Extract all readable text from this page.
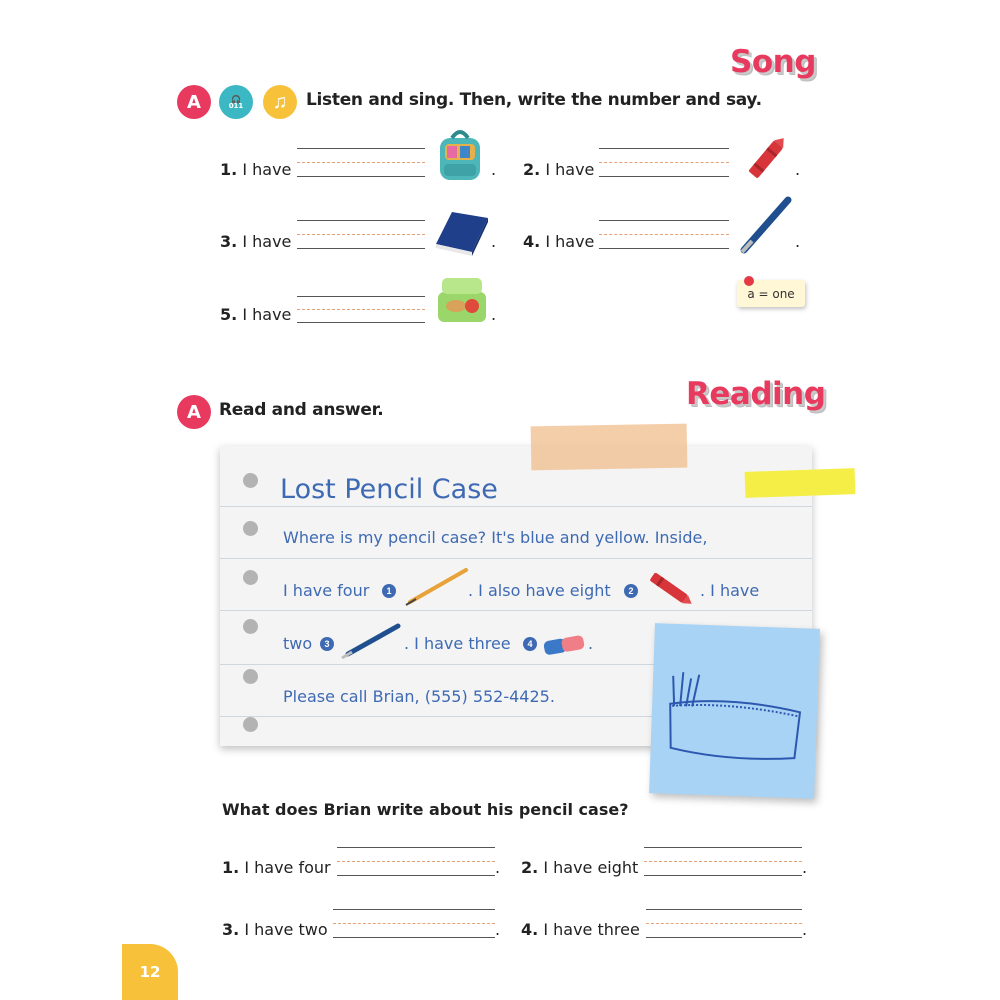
Song
A	🎧
011	♫	Listen and sing. Then, write the number and say.
1. I have	. 2. I have	.
3. I have	. 4. I have	.
5. I have	.
a = one
Reading
A	Read and answer.
Lost Pencil Case
Where is my pencil case? It's blue and yellow. Inside,
I have four	1	. I also have eight	2	. I have
two	3	. I have three	4	.
Please call Brian, (555) 552-4425.
What does Brian write about his pencil case?
1. I have four	. 2. I have eight	.
3. I have two	. 4. I have three	.
12
